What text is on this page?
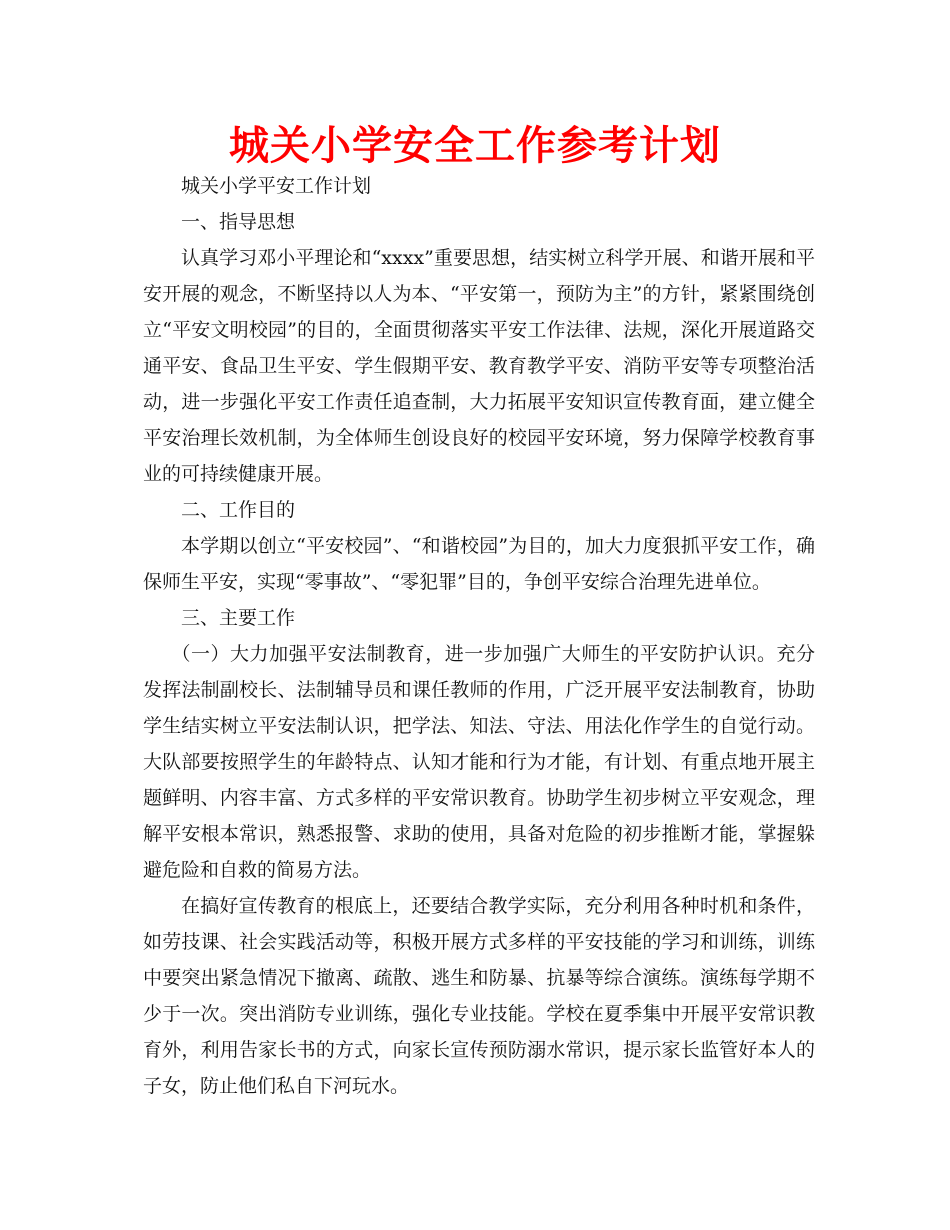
城关小学安全工作参考计划

城关小学平安工作计划

一、指导思想

认真学习邓小平理论和“xxxx”重要思想，结实树立科学开展、和谐开展和平安开展的观念，不断坚持以人为本、“平安第一，预防为主”的方针，紧紧围绕创立“平安文明校园”的目的，全面贯彻落实平安工作法律、法规，深化开展道路交通平安、食品卫生平安、学生假期平安、教育教学平安、消防平安等专项整治活动，进一步强化平安工作责任追查制，大力拓展平安知识宣传教育面，建立健全平安治理长效机制，为全体师生创设良好的校园平安环境，努力保障学校教育事业的可持续健康开展。

二、工作目的

本学期以创立“平安校园”、“和谐校园”为目的，加大力度狠抓平安工作，确保师生平安，实现“零事故”、“零犯罪”目的，争创平安综合治理先进单位。

三、主要工作

（一）大力加强平安法制教育，进一步加强广大师生的平安防护认识。充分发挥法制副校长、法制辅导员和课任教师的作用，广泛开展平安法制教育，协助学生结实树立平安法制认识，把学法、知法、守法、用法化作学生的自觉行动。大队部要按照学生的年龄特点、认知才能和行为才能，有计划、有重点地开展主题鲜明、内容丰富、方式多样的平安常识教育。协助学生初步树立平安观念，理解平安根本常识，熟悉报警、求助的使用，具备对危险的初步推断才能，掌握躲避危险和自救的简易方法。

在搞好宣传教育的根底上，还要结合教学实际，充分利用各种时机和条件，如劳技课、社会实践活动等，积极开展方式多样的平安技能的学习和训练，训练中要突出紧急情况下撤离、疏散、逃生和防暴、抗暴等综合演练。演练每学期不少于一次。突出消防专业训练，强化专业技能。学校在夏季集中开展平安常识教育外，利用告家长书的方式，向家长宣传预防溺水常识，提示家长监管好本人的子女，防止他们私自下河玩水。
